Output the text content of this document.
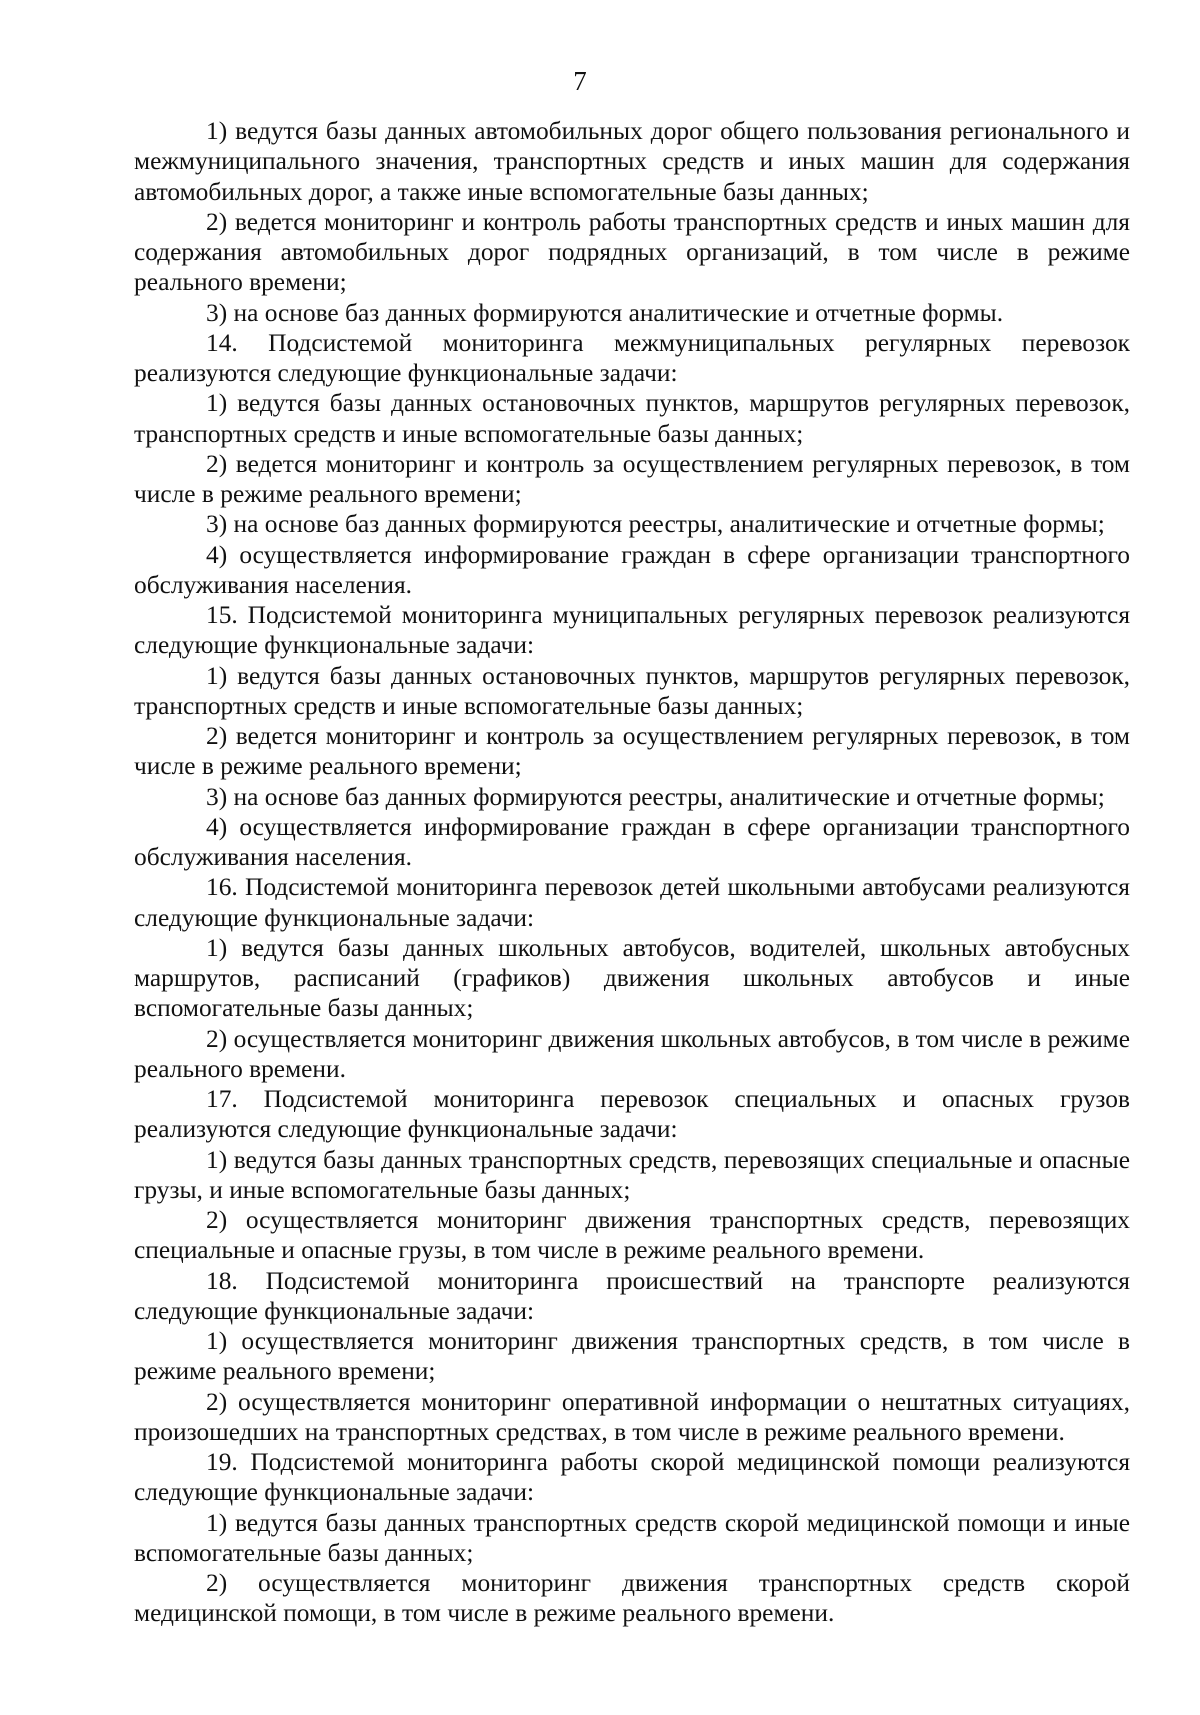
7

1) ведутся базы данных автомобильных дорог общего пользования регионального и межмуниципального значения, транспортных средств и иных машин для содержания автомобильных дорог, а также иные вспомогательные базы данных;

2) ведется мониторинг и контроль работы транспортных средств и иных машин для содержания автомобильных дорог подрядных организаций, в том числе в режиме реального времени;

3) на основе баз данных формируются аналитические и отчетные формы.

14. Подсистемой мониторинга межмуниципальных регулярных перевозок реализуются следующие функциональные задачи:

1) ведутся базы данных остановочных пунктов, маршрутов регулярных перевозок, транспортных средств и иные вспомогательные базы данных;

2) ведется мониторинг и контроль за осуществлением регулярных перевозок, в том числе в режиме реального времени;

3) на основе баз данных формируются реестры, аналитические и отчетные формы;

4) осуществляется информирование граждан в сфере организации транспортного обслуживания населения.

15. Подсистемой мониторинга муниципальных регулярных перевозок реализуются следующие функциональные задачи:

1) ведутся базы данных остановочных пунктов, маршрутов регулярных перевозок, транспортных средств и иные вспомогательные базы данных;

2) ведется мониторинг и контроль за осуществлением регулярных перевозок, в том числе в режиме реального времени;

3) на основе баз данных формируются реестры, аналитические и отчетные формы;

4) осуществляется информирование граждан в сфере организации транспортного обслуживания населения.

16. Подсистемой мониторинга перевозок детей школьными автобусами реализуются следующие функциональные задачи:

1) ведутся базы данных школьных автобусов, водителей, школьных автобусных маршрутов, расписаний (графиков) движения школьных автобусов и иные вспомогательные базы данных;

2) осуществляется мониторинг движения школьных автобусов, в том числе в режиме реального времени.

17. Подсистемой мониторинга перевозок специальных и опасных грузов реализуются следующие функциональные задачи:

1) ведутся базы данных транспортных средств, перевозящих специальные и опасные грузы, и иные вспомогательные базы данных;

2) осуществляется мониторинг движения транспортных средств, перевозящих специальные и опасные грузы, в том числе в режиме реального времени.

18. Подсистемой мониторинга происшествий на транспорте реализуются следующие функциональные задачи:

1) осуществляется мониторинг движения транспортных средств, в том числе в режиме реального времени;

2) осуществляется мониторинг оперативной информации о нештатных ситуациях, произошедших на транспортных средствах, в том числе в режиме реального времени.

19. Подсистемой мониторинга работы скорой медицинской помощи реализуются следующие функциональные задачи:

1) ведутся базы данных транспортных средств скорой медицинской помощи и иные вспомогательные базы данных;

2) осуществляется мониторинг движения транспортных средств скорой медицинской помощи, в том числе в режиме реального времени.
